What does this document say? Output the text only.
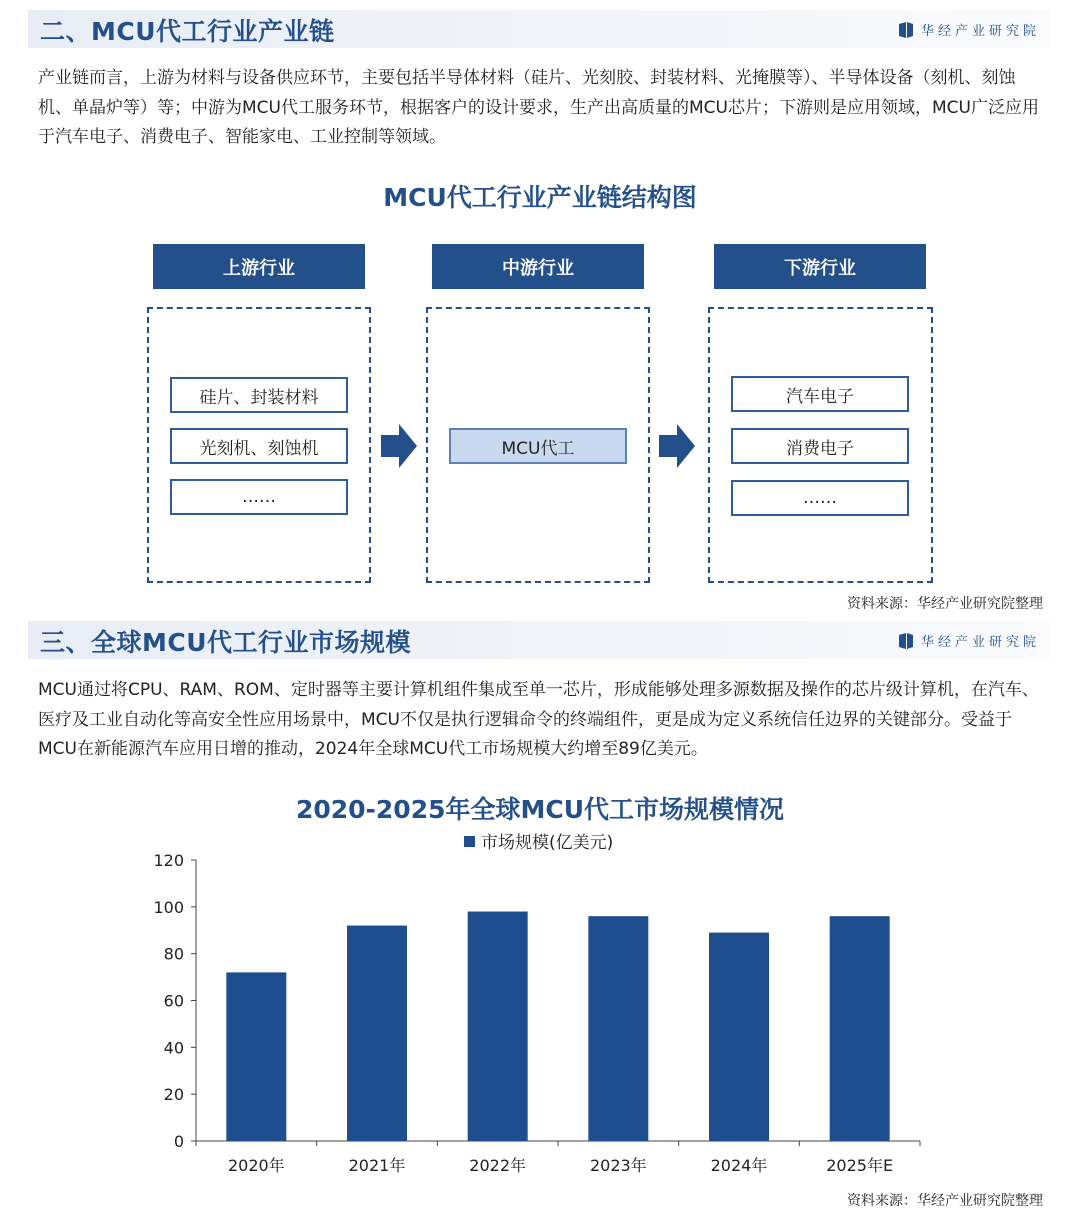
二、MCU代工行业产业链	华经产业研究院
产业链而言，上游为材料与设备供应环节，主要包括半导体材料（硅片、光刻胶、封装材料、光掩膜等）、半导体设备（刻机、刻蚀机、单晶炉等）等；中游为MCU代工服务环节，根据客户的设计要求，生产出高质量的MCU芯片；下游则是应用领域，MCU广泛应用于汽车电子、消费电子、智能家电、工业控制等领域。
MCU代工行业产业链结构图
上游行业
硅片、封装材料
光刻机、刻蚀机
……
中游行业
MCU代工
下游行业
汽车电子
消费电子
……
资料来源：华经产业研究院整理
三、全球MCU代工行业市场规模	华经产业研究院
MCU通过将CPU、RAM、ROM、定时器等主要计算机组件集成至单一芯片，形成能够处理多源数据及操作的芯片级计算机，在汽车、医疗及工业自动化等高安全性应用场景中，MCU不仅是执行逻辑命令的终端组件，更是成为定义系统信任边界的关键部分。受益于MCU在新能源汽车应用日增的推动，2024年全球MCU代工市场规模大约增至89亿美元。
2020-2025年全球MCU代工市场规模情况
0
20
40
60
80
100
120
2020年	2021年	2022年	2023年	2024年	2025年E
市场规模(亿美元)
资料来源：华经产业研究院整理
